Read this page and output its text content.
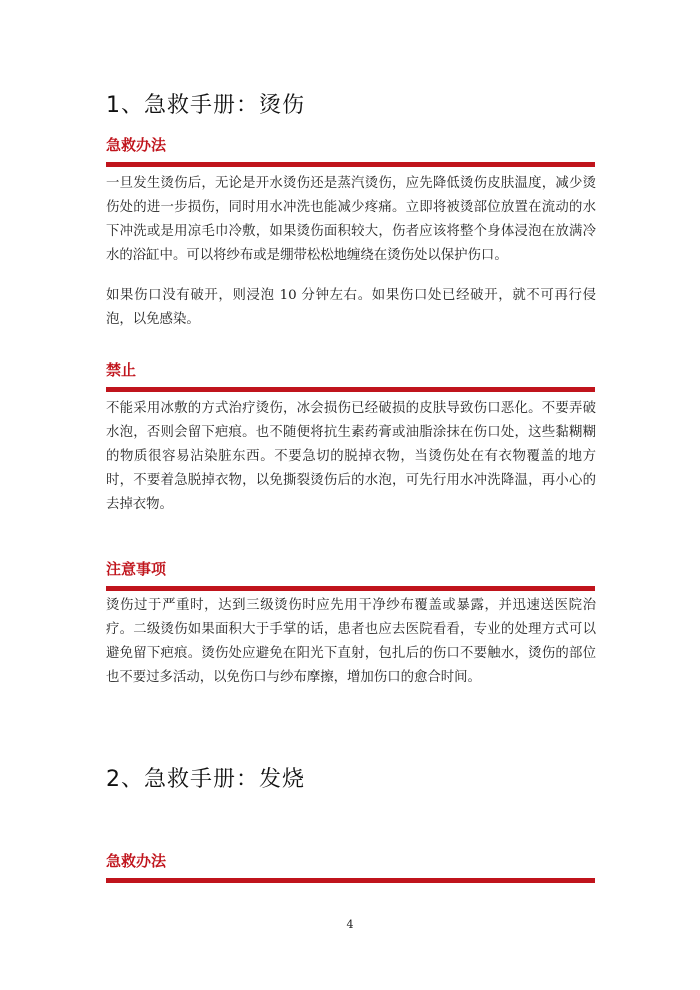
1、急救手册：烫伤
急救办法

一旦发生烫伤后，无论是开水烫伤还是蒸汽烫伤，应先降低烫伤皮肤温度，减少烫伤处的进一步损伤，同时用水冲洗也能减少疼痛。立即将被烫部位放置在流动的水下冲洗或是用凉毛巾冷敷，如果烫伤面积较大，伤者应该将整个身体浸泡在放满冷水的浴缸中。可以将纱布或是绷带松松地缠绕在烫伤处以保护伤口。

如果伤口没有破开，则浸泡 10 分钟左右。如果伤口处已经破开，就不可再行侵泡，以免感染。

禁止

不能采用冰敷的方式治疗烫伤，冰会损伤已经破损的皮肤导致伤口恶化。不要弄破水泡，否则会留下疤痕。也不随便将抗生素药膏或油脂涂抹在伤口处，这些黏糊糊的物质很容易沾染脏东西。不要急切的脱掉衣物，当烫伤处在有衣物覆盖的地方时，不要着急脱掉衣物，以免撕裂烫伤后的水泡，可先行用水冲洗降温，再小心的去掉衣物。

注意事项

烫伤过于严重时，达到三级烫伤时应先用干净纱布覆盖或暴露，并迅速送医院治疗。二级烫伤如果面积大于手掌的话，患者也应去医院看看，专业的处理方式可以避免留下疤痕。烫伤处应避免在阳光下直射，包扎后的伤口不要触水，烫伤的部位也不要过多活动，以免伤口与纱布摩擦，增加伤口的愈合时间。

2、急救手册：发烧
急救办法
4
